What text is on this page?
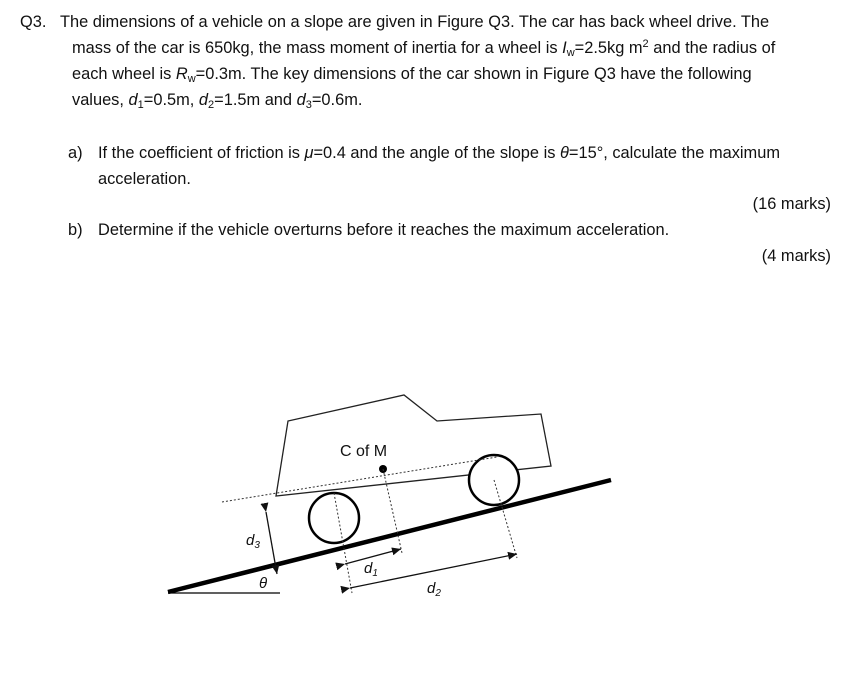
Q3. The dimensions of a vehicle on a slope are given in Figure Q3. The car has back wheel drive. The
mass of the car is 650kg, the mass moment of inertia for a wheel is $I_w=2.5kg$ $m^2$ and the radius of
each wheel is $R_w=0.3m$. The key dimensions of the car shown in Figure Q3 have the following
values, $d_1=0.5m$, $d_2=1.5m$ and $d_3=0.6m$.
a) If the coefficient of friction is μ=0.4 and the angle of the slope is θ=15°, calculate the maximum
acceleration.
(16 marks)
b) Determine if the vehicle overturns before it reaches the maximum acceleration.
(4 marks)
C of M
$d_3$
$d_1$
$d_2$
θ
